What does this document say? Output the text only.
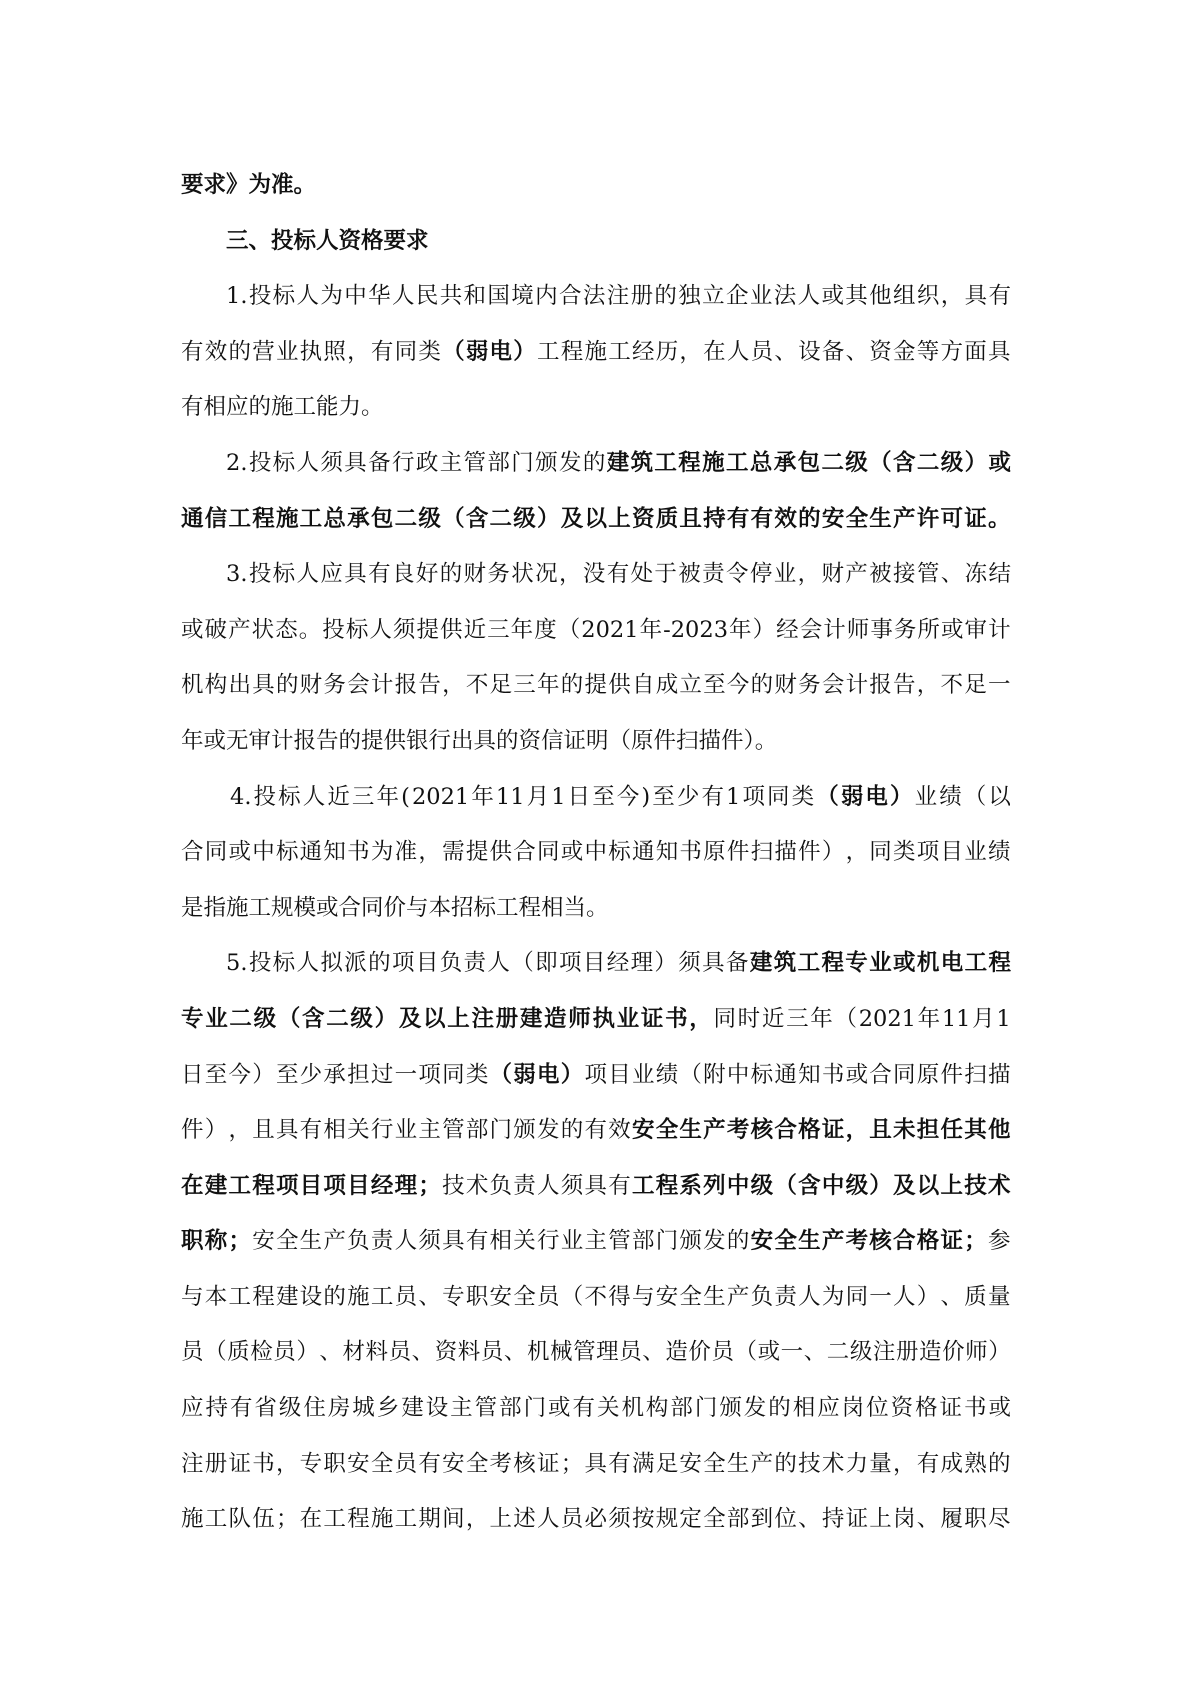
要求》为准。
三、投标人资格要求
1. 投 标 人 为 中 华 人 民 共 和 国 境 内 合 法 注 册 的 独 立 企 业 法 人 或 其 他 组 织 ， 具 有
有 效 的 营 业 执 照 ， 有 同 类 （ 弱 电 ） 工 程 施 工 经 历 ， 在 人 员 、 设 备 、 资 金 等 方 面 具
有相应的施工能力。
2. 投 标 人 须 具 备 行 政 主 管 部 门 颁 发 的 建 筑 工 程 施 工 总 承 包 二 级 （ 含 二 级 ） 或
通 信 工 程 施 工 总 承 包 二 级 （ 含 二 级 ） 及 以 上 资 质 且 持 有 有 效 的 安 全 生 产 许 可 证 。
3. 投 标 人 应 具 有 良 好 的 财 务 状 况 ， 没 有 处 于 被 责 令 停 业 ， 财 产 被 接 管 、 冻 结
或 破 产 状 态 。 投 标 人 须 提 供 近 三 年 度 （ 2021 年 -2023 年 ） 经 会 计 师 事 务 所 或 审 计
机 构 出 具 的 财 务 会 计 报 告 ， 不 足 三 年 的 提 供 自 成 立 至 今 的 财 务 会 计 报 告 ， 不 足 一
年或无审计报告的提供银行出具的资信证明（原件扫描件）。
4. 投 标 人 近 三 年 ( 2021 年 11 月 1 日 至 今 ) 至 少 有 1 项 同 类 （ 弱 电 ） 业 绩 （ 以
合 同 或 中 标 通 知 书 为 准 ， 需 提 供 合 同 或 中 标 通 知 书 原 件 扫 描 件 ） ， 同 类 项 目 业 绩
是指施工规模或合同价与本招标工程相当。
5. 投 标 人 拟 派 的 项 目 负 责 人 （ 即 项 目 经 理 ） 须 具 备 建 筑 工 程 专 业 或 机 电 工 程
专 业 二 级 （ 含 二 级 ） 及 以 上 注 册 建 造 师 执 业 证 书 ， 同 时 近 三 年 （ 2021 年 11 月 1
日 至 今 ） 至 少 承 担 过 一 项 同 类 （ 弱 电 ） 项 目 业 绩 （ 附 中 标 通 知 书 或 合 同 原 件 扫 描
件 ） ， 且 具 有 相 关 行 业 主 管 部 门 颁 发 的 有 效 安 全 生 产 考 核 合 格 证 ， 且 未 担 任 其 他
在 建 工 程 项 目 项 目 经 理 ； 技 术 负 责 人 须 具 有 工 程 系 列 中 级 （ 含 中 级 ） 及 以 上 技 术
职 称 ； 安 全 生 产 负 责 人 须 具 有 相 关 行 业 主 管 部 门 颁 发 的 安 全 生 产 考 核 合 格 证 ； 参
与 本 工 程 建 设 的 施 工 员 、 专 职 安 全 员 （ 不 得 与 安 全 生 产 负 责 人 为 同 一 人 ） 、 质 量
员 （ 质 检 员 ） 、 材 料 员 、 资 料 员 、 机 械 管 理 员 、 造 价 员 （ 或 一 、 二 级 注 册 造 价 师 ）
应 持 有 省 级 住 房 城 乡 建 设 主 管 部 门 或 有 关 机 构 部 门 颁 发 的 相 应 岗 位 资 格 证 书 或
注 册 证 书 ， 专 职 安 全 员 有 安 全 考 核 证 ； 具 有 满 足 安 全 生 产 的 技 术 力 量 ， 有 成 熟 的
施 工 队 伍 ； 在 工 程 施 工 期 间 ， 上 述 人 员 必 须 按 规 定 全 部 到 位 、 持 证 上 岗 、 履 职 尽
